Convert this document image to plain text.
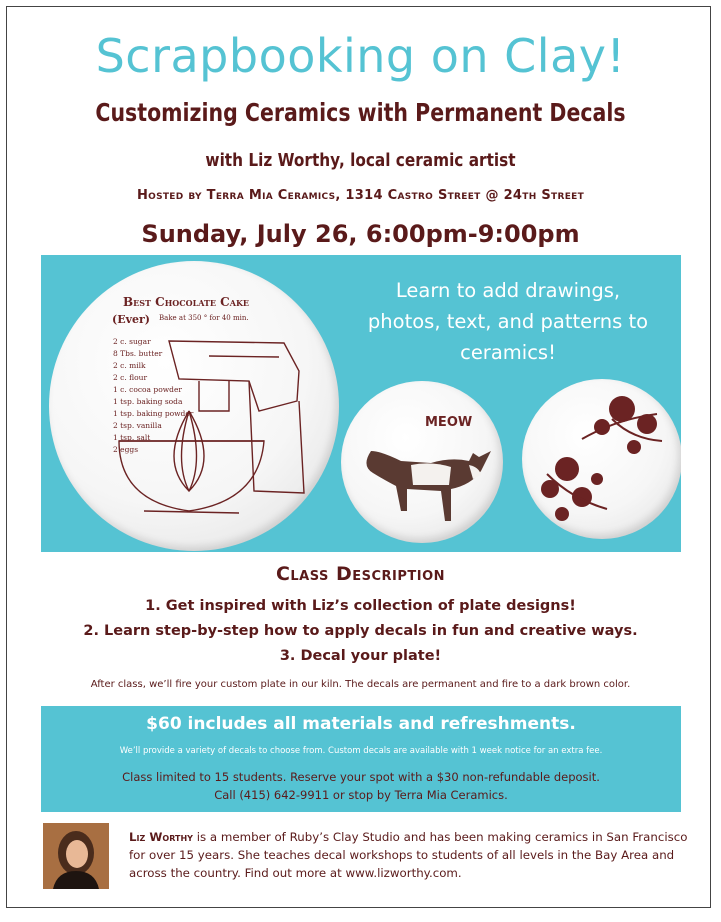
Scrapbooking on Clay!
Customizing Ceramics with Permanent Decals
with Liz Worthy, local ceramic artist
Hosted by Terra Mia Ceramics, 1314 Castro Street @ 24th Street
Sunday, July 26, 6:00pm-9:00pm
Best Chocolate Cake
(Ever) Bake at 350 ° for 40 min.
2 c. sugar
8 Tbs. butter
2 c. milk
2 c. flour
1 c. cocoa powder
1 tsp. baking soda
1 tsp. baking powder
2 tsp. vanilla
1 tsp. salt
2 eggs
MEOW
Learn to add drawings,
photos, text, and patterns to
ceramics!
Class Description
1. Get inspired with Liz’s collection of plate designs!
2. Learn step-by-step how to apply decals in fun and creative ways.
3. Decal your plate!
After class, we’ll fire your custom plate in our kiln. The decals are permanent and fire to a dark brown color.
$60 includes all materials and refreshments.
We’ll provide a variety of decals to choose from. Custom decals are available with 1 week notice for an extra fee.
Class limited to 15 students. Reserve your spot with a $30 non-refundable deposit.
Call (415) 642-9911 or stop by Terra Mia Ceramics.
Liz Worthy is a member of Ruby’s Clay Studio and has been making ceramics in San Francisco for over 15 years. She teaches decal workshops to students of all levels in the Bay Area and across the country. Find out more at www.lizworthy.com.
